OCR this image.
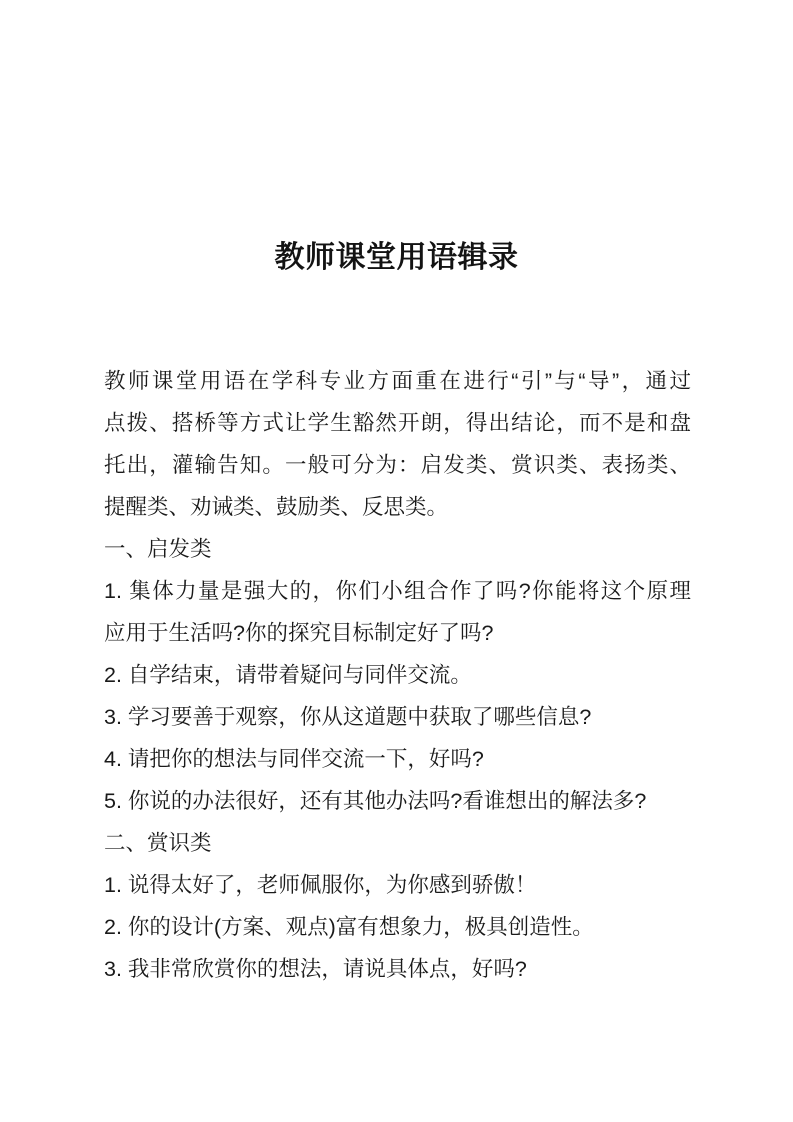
教师课堂用语辑录
教师课堂用语在学科专业方面重在进行“引”与“导”，通过
点拨、搭桥等方式让学生豁然开朗，得出结论，而不是和盘
托出，灌输告知。一般可分为：启发类、赏识类、表扬类、
提醒类、劝诫类、鼓励类、反思类。
一、启发类
1. 集体力量是强大的，你们小组合作了吗?你能将这个原理
应用于生活吗?你的探究目标制定好了吗?
2. 自学结束，请带着疑问与同伴交流。
3. 学习要善于观察，你从这道题中获取了哪些信息?
4. 请把你的想法与同伴交流一下，好吗?
5. 你说的办法很好，还有其他办法吗?看谁想出的解法多?
二、赏识类
1. 说得太好了，老师佩服你，为你感到骄傲！
2. 你的设计(方案、观点)富有想象力，极具创造性。
3. 我非常欣赏你的想法，请说具体点，好吗?
